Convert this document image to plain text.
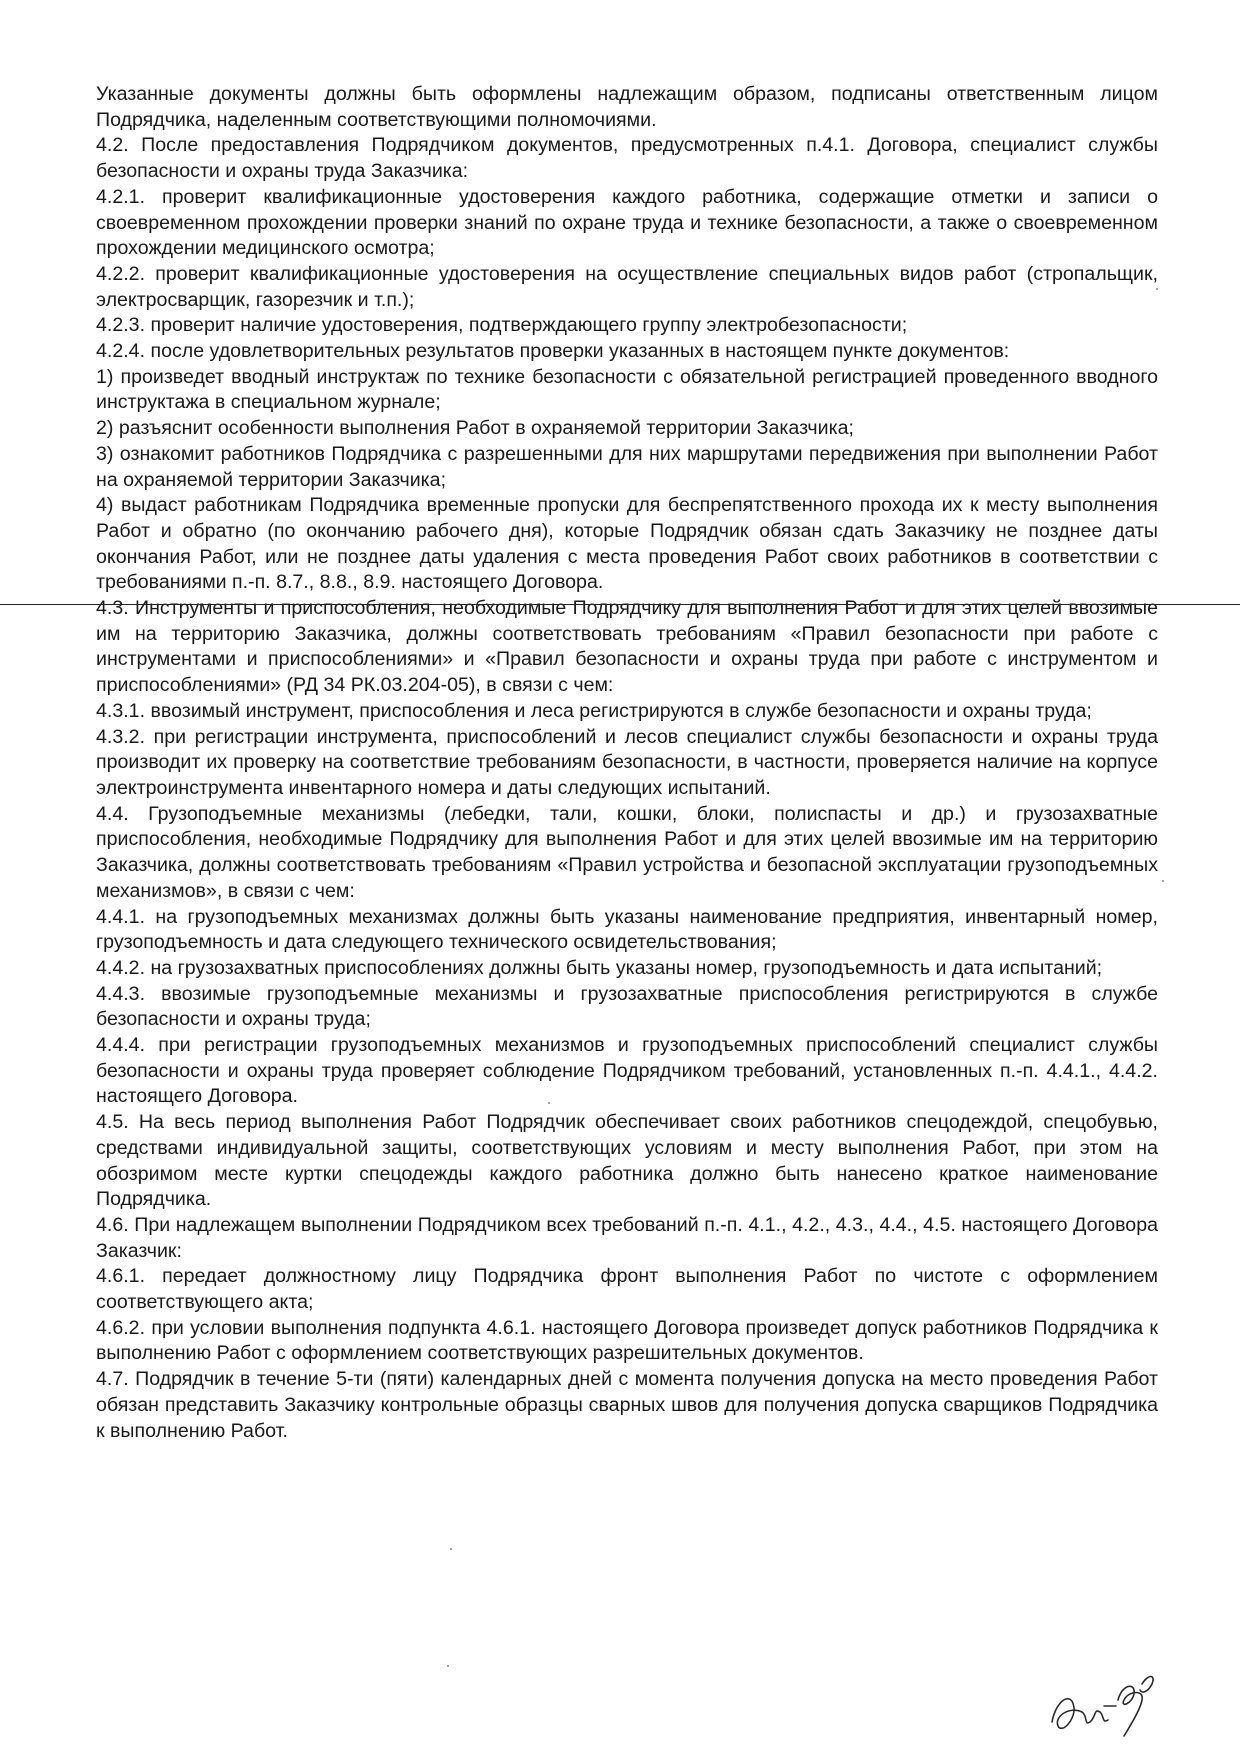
Указанные документы должны быть оформлены надлежащим образом, подписаны ответственным лицом Подрядчика, наделенным соответствующими полномочиями.

4.2. После предоставления Подрядчиком документов, предусмотренных п.4.1. Договора, специалист службы безопасности и охраны труда Заказчика:

4.2.1. проверит квалификационные удостоверения каждого работника, содержащие отметки и записи о своевременном прохождении проверки знаний по охране труда и технике безопасности, а также о своевременном прохождении медицинского осмотра;

4.2.2. проверит квалификационные удостоверения на осуществление специальных видов работ (стропальщик, электросварщик, газорезчик и т.п.);

4.2.3. проверит наличие удостоверения, подтверждающего группу электробезопасности;

4.2.4. после удовлетворительных результатов проверки указанных в настоящем пункте документов:

1) произведет вводный инструктаж по технике безопасности с обязательной регистрацией проведенного вводного инструктажа в специальном журнале;

2) разъяснит особенности выполнения Работ в охраняемой территории Заказчика;

3) ознакомит работников Подрядчика с разрешенными для них маршрутами передвижения при выполнении Работ на охраняемой территории Заказчика;

4) выдаст работникам Подрядчика временные пропуски для беспрепятственного прохода их к месту выполнения Работ и обратно (по окончанию рабочего дня), которые Подрядчик обязан сдать Заказчику не позднее даты окончания Работ, или не позднее даты удаления с места проведения Работ своих работников в соответствии с требованиями п.-п. 8.7., 8.8., 8.9. настоящего Договора.

4.3. Инструменты и приспособления, необходимые Подрядчику для выполнения Работ и для этих целей ввозимые им на территорию Заказчика, должны соответствовать требованиям «Правил безопасности при работе с инструментами и приспособлениями» и «Правил безопасности и охраны труда при работе с инструментом и приспособлениями» (РД 34 РК.03.204-05), в связи с чем:

4.3.1. ввозимый инструмент, приспособления и леса регистрируются в службе безопасности и охраны труда;

4.3.2. при регистрации инструмента, приспособлений и лесов специалист службы безопасности и охраны труда производит их проверку на соответствие требованиям безопасности, в частности, проверяется наличие на корпусе электроинструмента инвентарного номера и даты следующих испытаний.

4.4. Грузоподъемные механизмы (лебедки, тали, кошки, блоки, полиспасты и др.) и грузозахватные приспособления, необходимые Подрядчику для выполнения Работ и для этих целей ввозимые им на территорию Заказчика, должны соответствовать требованиям «Правил устройства и безопасной эксплуатации грузоподъемных механизмов», в связи с чем:

4.4.1. на грузоподъемных механизмах должны быть указаны наименование предприятия, инвентарный номер, грузоподъемность и дата следующего технического освидетельствования;

4.4.2. на грузозахватных приспособлениях должны быть указаны номер, грузоподъемность и дата испытаний;

4.4.3. ввозимые грузоподъемные механизмы и грузозахватные приспособления регистрируются в службе безопасности и охраны труда;

4.4.4. при регистрации грузоподъемных механизмов и грузоподъемных приспособлений специалист службы безопасности и охраны труда проверяет соблюдение Подрядчиком требований, установленных п.-п. 4.4.1., 4.4.2. настоящего Договора.

4.5. На весь период выполнения Работ Подрядчик обеспечивает своих работников спецодеждой, спецобувью, средствами индивидуальной защиты, соответствующих условиям и месту выполнения Работ, при этом на обозримом месте куртки спецодежды каждого работника должно быть нанесено краткое наименование Подрядчика.

4.6. При надлежащем выполнении Подрядчиком всех требований п.-п. 4.1., 4.2., 4.3., 4.4., 4.5. настоящего Договора Заказчик:

4.6.1. передает должностному лицу Подрядчика фронт выполнения Работ по чистоте с оформлением соответствующего акта;

4.6.2. при условии выполнения подпункта 4.6.1. настоящего Договора произведет допуск работников Подрядчика к выполнению Работ с оформлением соответствующих разрешительных документов.

4.7. Подрядчик в течение 5-ти (пяти) календарных дней с момента получения допуска на место проведения Работ обязан представить Заказчику контрольные образцы сварных швов для получения допуска сварщиков Подрядчика к выполнению Работ.
